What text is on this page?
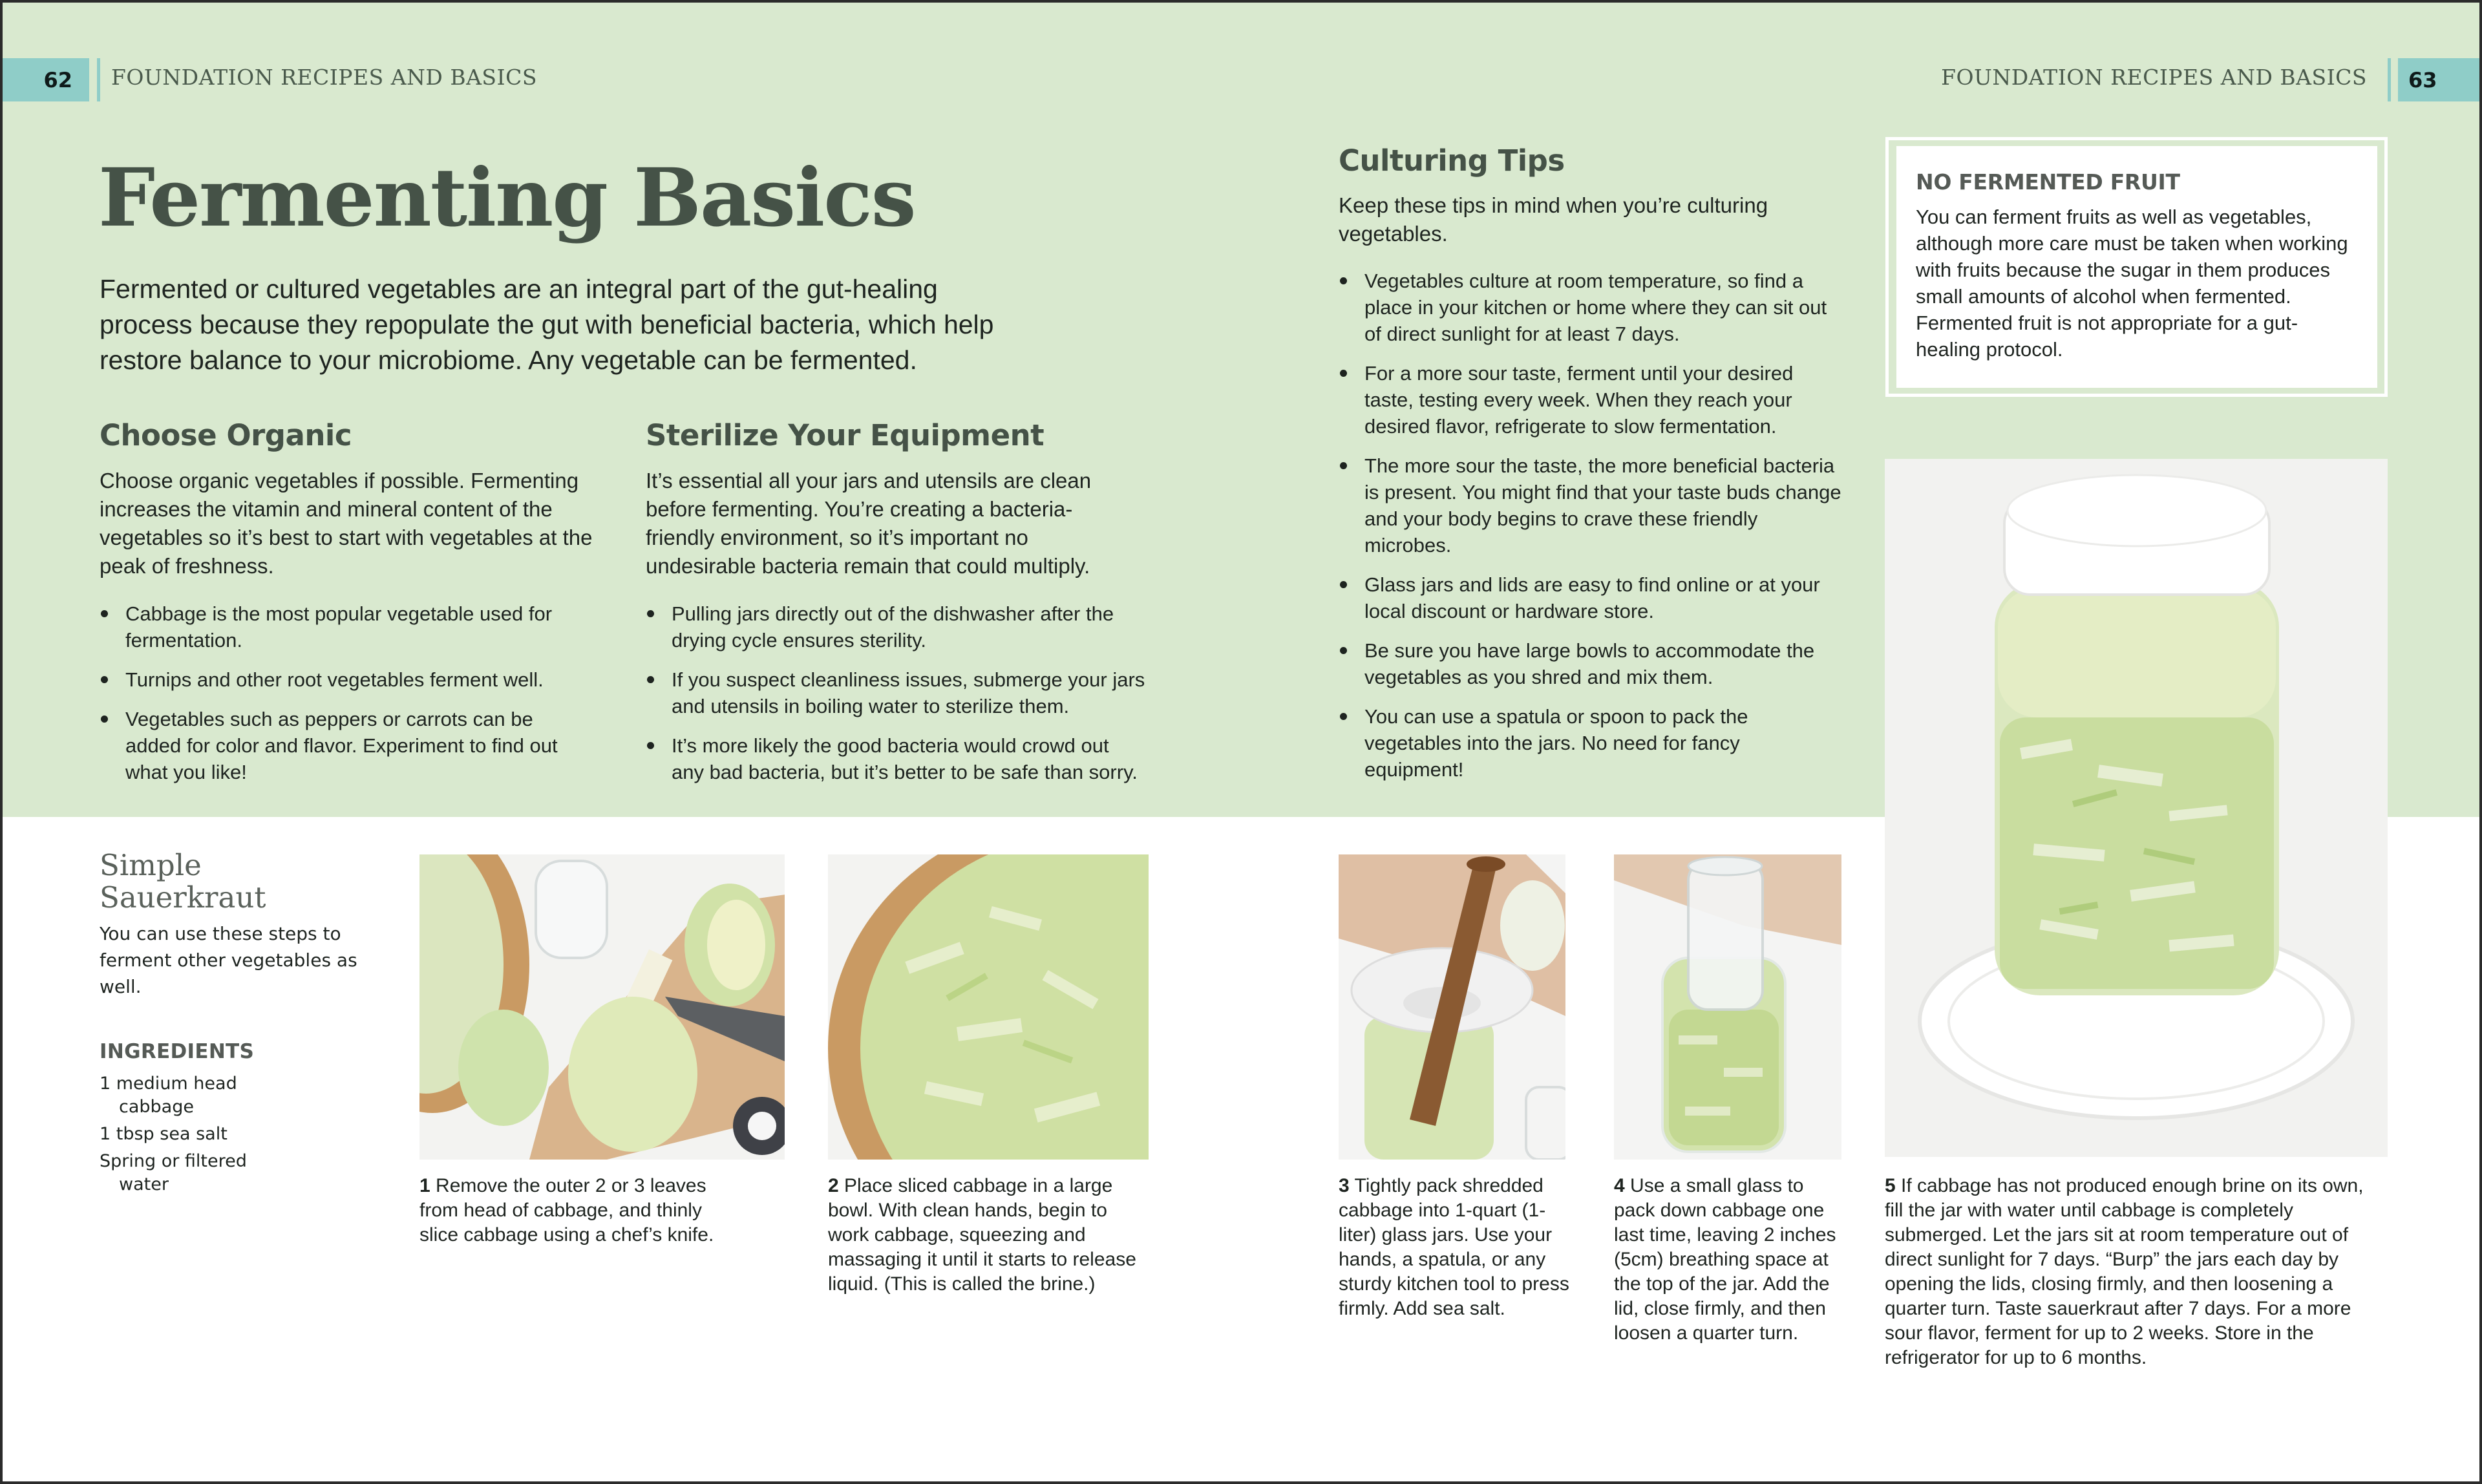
62 FOUNDATION RECIPES AND BASICS	FOUNDATION RECIPES AND BASICS 63
Fermenting Basics

Fermented or cultured vegetables are an integral part of the gut-healing process because they repopulate the gut with beneficial bacteria, which help restore balance to your microbiome. Any vegetable can be fermented.

Choose Organic

Choose organic vegetables if possible. Fermenting increases the vitamin and mineral content of the vegetables so it’s best to start with vegetables at the peak of freshness.

Cabbage is the most popular vegetable used for fermentation.
Turnips and other root vegetables ferment well.
Vegetables such as peppers or carrots can be added for color and flavor. Experiment to find out what you like!
Sterilize Your Equipment

It’s essential all your jars and utensils are clean before fermenting. You’re creating a bacteria-friendly environment, so it’s important no undesirable bacteria remain that could multiply.

Pulling jars directly out of the dishwasher after the drying cycle ensures sterility.
If you suspect cleanliness issues, submerge your jars and utensils in boiling water to sterilize them.
It’s more likely the good bacteria would crowd out any bad bacteria, but it’s better to be safe than sorry.
Culturing Tips

Keep these tips in mind when you’re culturing vegetables.

Vegetables culture at room temperature, so find a place in your kitchen or home where they can sit out of direct sunlight for at least 7 days.
For a more sour taste, ferment until your desired taste, testing every week. When they reach your desired flavor, refrigerate to slow fermentation.
The more sour the taste, the more beneficial bacteria is present. You might find that your taste buds change and your body begins to crave these friendly microbes.
Glass jars and lids are easy to find online or at your local discount or hardware store.
Be sure you have large bowls to accommodate the vegetables as you shred and mix them.
You can use a spatula or spoon to pack the vegetables into the jars. No need for fancy equipment!
NO FERMENTED FRUIT

You can ferment fruits as well as vegetables, although more care must be taken when working with fruits because the sugar in them produces small amounts of alcohol when fermented. Fermented fruit is not appropriate for a gut-healing protocol.

Simple
Sauerkraut

You can use these steps to ferment other vegetables as well.

INGREDIENTS
1 medium head cabbage
1 tbsp sea salt
Spring or filtered water	1 Remove the outer 2 or 3 leaves from head of cabbage, and thinly slice cabbage using a chef’s knife.

2 Place sliced cabbage in a large bowl. With clean hands, begin to work cabbage, squeezing and massaging it until it starts to release liquid. (This is called the brine.)

3 Tightly pack shredded cabbage into 1-quart (1-liter) glass jars. Use your hands, a spatula, or any sturdy kitchen tool to press firmly. Add sea salt.

4 Use a small glass to pack down cabbage one last time, leaving 2 inches (5cm) breathing space at the top of the jar. Add the lid, close firmly, and then loosen a quarter turn.

5 If cabbage has not produced enough brine on its own, fill the jar with water until cabbage is completely submerged. Let the jars sit at room temperature out of direct sunlight for 7 days. “Burp” the jars each day by opening the lids, closing firmly, and then loosening a quarter turn. Taste sauerkraut after 7 days. For a more sour flavor, ferment for up to 2 weeks. Store in the refrigerator for up to 6 months.
